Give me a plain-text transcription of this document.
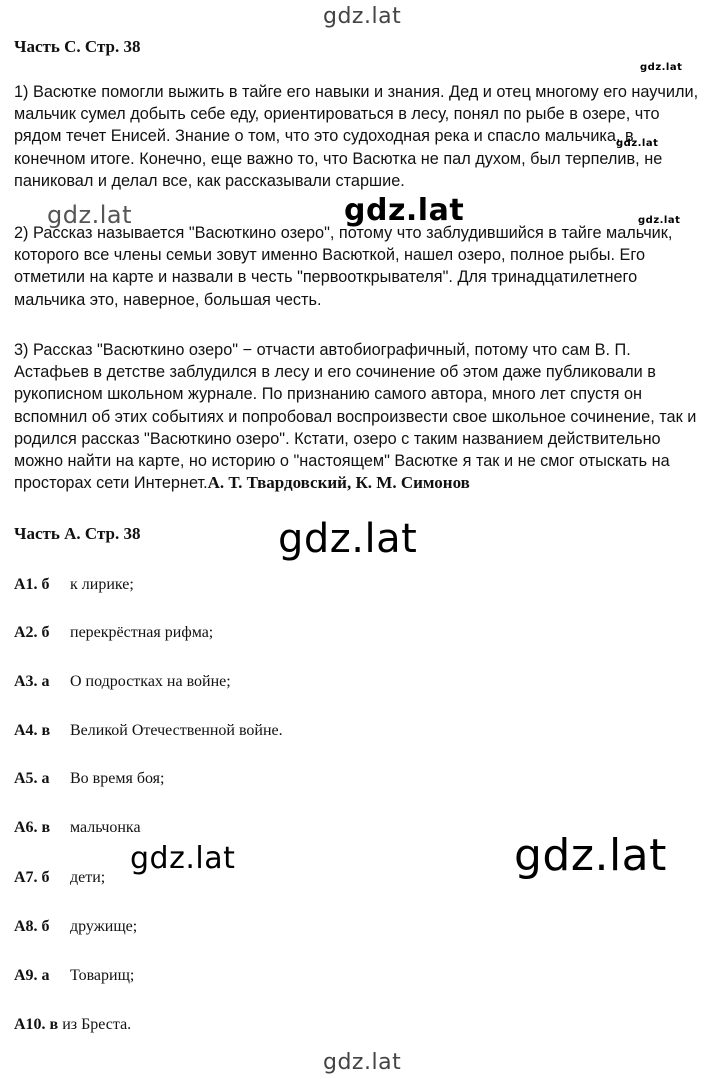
gdz.lat
Часть С. Стр. 38
gdz.lat
1) Васютке помогли выжить в тайге его навыки и знания. Дед и отец многому его научили, мальчик сумел добыть себе еду, ориентироваться в лесу, понял по рыбе в озере, что рядом течет Енисей. Знание о том, что это судоходная река и спасло мальчика, в конечном итоге. Конечно, еще важно то, что Васютка не пал духом, был терпелив, не паниковал и делал все, как рассказывали старшие.
gdz.lat
2) Рассказ называется "Васюткино озеро", потому что заблудившийся в тайге мальчик, которого все члены семьи зовут именно Васюткой, нашел озеро, полное рыбы. Его отметили на карте и назвали в честь "первооткрывателя". Для тринадцатилетнего мальчика это, наверное, большая честь.
gdz.lat	gdz.lat	gdz.lat
3) Рассказ "Васюткино озеро" − отчасти автобиографичный, потому что сам В. П. Астафьев в детстве заблудился в лесу и его сочинение об этом даже публиковали в рукописном школьном журнале. По признанию самого автора, много лет спустя он вспомнил об этих событиях и попробовал воспроизвести свое школьное сочинение, так и родился рассказ "Васюткино озеро". Кстати, озеро с таким названием действительно можно найти на карте, но историю о "настоящем" Васютке я так и не смог отыскать на просторах сети Интернет.А. Т. Твардовский, К. М. Симонов
Часть А. Стр. 38	gdz.lat
А1. б к лирике;
А2. б перекрёстная рифма;
А3. а О подростках на войне;
А4. в Великой Отечественной войне.
А5. а Во время боя;
А6. в мальчонка
gdz.lat	gdz.lat
А7. б дети;
А8. б дружище;
А9. а Товарищ;
А10. в из Бреста.
gdz.lat
